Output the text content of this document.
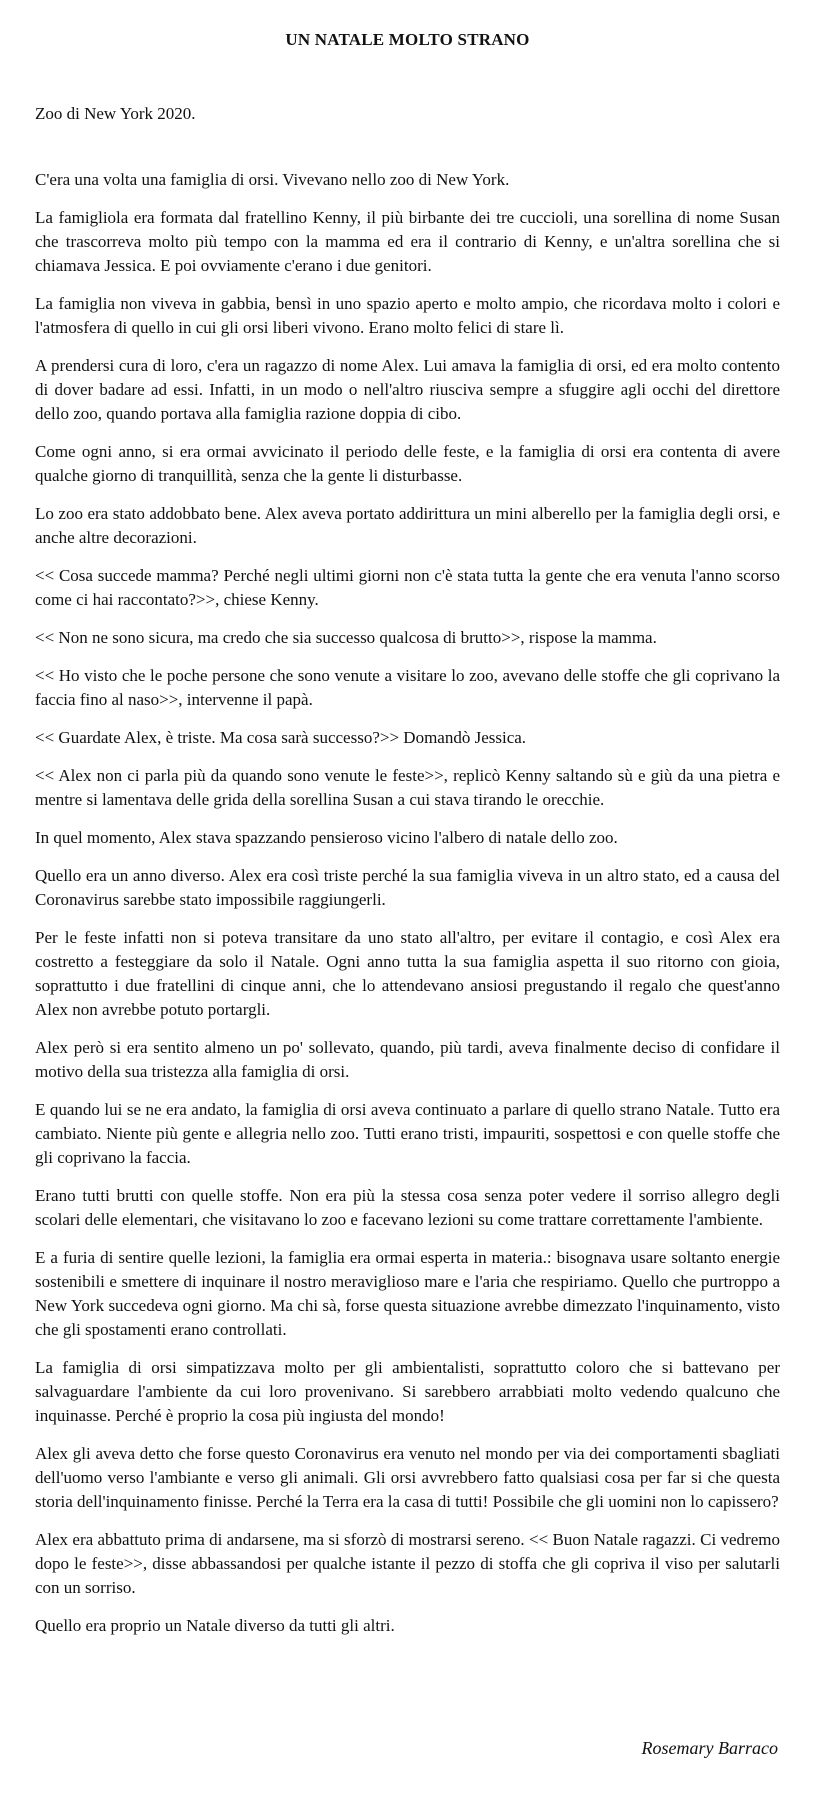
UN NATALE MOLTO STRANO
Zoo di New York 2020.

C'era una volta una famiglia di orsi. Vivevano nello zoo di New York.

La famigliola era formata dal fratellino Kenny, il più birbante dei tre cuccioli, una sorellina di nome Susan che trascorreva molto più tempo con la mamma ed era il contrario di Kenny, e un'altra sorellina che si chiamava Jessica. E poi ovviamente c'erano i due genitori.

La famiglia non viveva in gabbia, bensì in uno spazio aperto e molto ampio, che ricordava molto i colori e l'atmosfera di quello in cui gli orsi liberi vivono. Erano molto felici di stare lì.

A prendersi cura di loro, c'era un ragazzo di nome Alex. Lui amava la famiglia di orsi, ed era molto contento di dover badare ad essi. Infatti, in un modo o nell'altro riusciva sempre a sfuggire agli occhi del direttore dello zoo, quando portava alla famiglia razione doppia di cibo.

Come ogni anno, si era ormai avvicinato il periodo delle feste, e la famiglia di orsi era contenta di avere qualche giorno di tranquillità, senza che la gente li disturbasse.

Lo zoo era stato addobbato bene. Alex aveva portato addirittura un mini alberello per la famiglia degli orsi, e anche altre decorazioni.

<< Cosa succede mamma? Perché negli ultimi giorni non c'è stata tutta la gente che era venuta l'anno scorso come ci hai raccontato?>>, chiese Kenny.

<< Non ne sono sicura, ma credo che sia successo qualcosa di brutto>>, rispose la mamma.

<< Ho visto che le poche persone che sono venute a visitare lo zoo, avevano delle stoffe che gli coprivano la faccia fino al naso>>, intervenne il papà.

<< Guardate Alex, è triste. Ma cosa sarà successo?>> Domandò Jessica.

<< Alex non ci parla più da quando sono venute le feste>>, replicò Kenny saltando sù e giù da una pietra e mentre si lamentava delle grida della sorellina Susan a cui stava tirando le orecchie.

In quel momento, Alex stava spazzando pensieroso vicino l'albero di natale dello zoo.

Quello era un anno diverso. Alex era così triste perché la sua famiglia viveva in un altro stato, ed a causa del Coronavirus sarebbe stato impossibile raggiungerli.

Per le feste infatti non si poteva transitare da uno stato all'altro, per evitare il contagio, e così Alex era costretto a festeggiare da solo il Natale. Ogni anno tutta la sua famiglia aspetta il suo ritorno con gioia, soprattutto i due fratellini di cinque anni, che lo attendevano ansiosi pregustando il regalo che quest'anno Alex non avrebbe potuto portargli.

Alex però si era sentito almeno un po' sollevato, quando, più tardi, aveva finalmente deciso di confidare il motivo della sua tristezza alla famiglia di orsi.

E quando lui se ne era andato, la famiglia di orsi aveva continuato a parlare di quello strano Natale. Tutto era cambiato. Niente più gente e allegria nello zoo. Tutti erano tristi, impauriti, sospettosi e con quelle stoffe che gli coprivano la faccia.

Erano tutti brutti con quelle stoffe. Non era più la stessa cosa senza poter vedere il sorriso allegro degli scolari delle elementari, che visitavano lo zoo e facevano lezioni su come trattare correttamente l'ambiente.

E a furia di sentire quelle lezioni, la famiglia era ormai esperta in materia.: bisognava usare soltanto energie sostenibili e smettere di inquinare il nostro meraviglioso mare e l'aria che respiriamo. Quello che purtroppo a New York succedeva ogni giorno. Ma chi sà, forse questa situazione avrebbe dimezzato l'inquinamento, visto che gli spostamenti erano controllati.

La famiglia di orsi simpatizzava molto per gli ambientalisti, soprattutto coloro che si battevano per salvaguardare l'ambiente da cui loro provenivano. Si sarebbero arrabbiati molto vedendo qualcuno che inquinasse. Perché è proprio la cosa più ingiusta del mondo!

Alex gli aveva detto che forse questo Coronavirus era venuto nel mondo per via dei comportamenti sbagliati dell'uomo verso l'ambiante e verso gli animali. Gli orsi avvrebbero fatto qualsiasi cosa per far si che questa storia dell'inquinamento finisse. Perché la Terra era la casa di tutti! Possibile che gli uomini non lo capissero?

Alex era abbattuto prima di andarsene, ma si sforzò di mostrarsi sereno. << Buon Natale ragazzi. Ci vedremo dopo le feste>>, disse abbassandosi per qualche istante il pezzo di stoffa che gli copriva il viso per salutarli con un sorriso.

Quello era proprio un Natale diverso da tutti gli altri.

Rosemary Barraco
